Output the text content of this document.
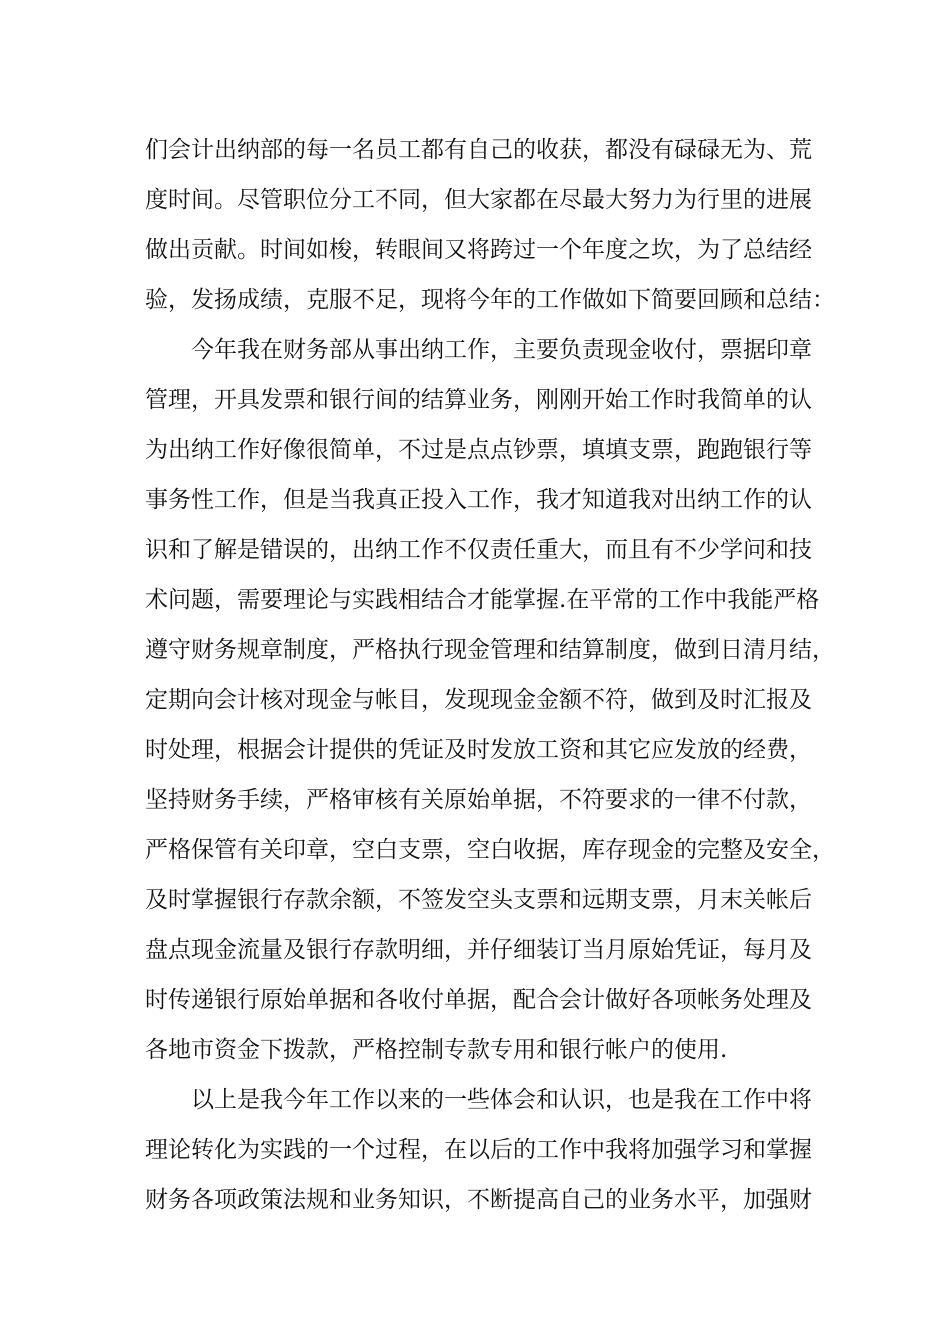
们会计出纳部的每一名员工都有自己的收获，都没有碌碌无为、荒
度时间。尽管职位分工不同，但大家都在尽最大努力为行里的进展
做出贡献。时间如梭，转眼间又将跨过一个年度之坎，为了总结经
验，发扬成绩，克服不足，现将今年的工作做如下简要回顾和总结：
今年我在财务部从事出纳工作，主要负责现金收付，票据印章
管理，开具发票和银行间的结算业务，刚刚开始工作时我简单的认
为出纳工作好像很简单，不过是点点钞票，填填支票，跑跑银行等
事务性工作，但是当我真正投入工作，我才知道我对出纳工作的认
识和了解是错误的，出纳工作不仅责任重大，而且有不少学问和技
术问题，需要理论与实践相结合才能掌握.在平常的工作中我能严格
遵守财务规章制度，严格执行现金管理和结算制度，做到日清月结，
定期向会计核对现金与帐目，发现现金金额不符，做到及时汇报及
时处理，根据会计提供的凭证及时发放工资和其它应发放的经费，
坚持财务手续，严格审核有关原始单据，不符要求的一律不付款，
严格保管有关印章，空白支票，空白收据，库存现金的完整及安全，
及时掌握银行存款余额，不签发空头支票和远期支票，月末关帐后
盘点现金流量及银行存款明细，并仔细装订当月原始凭证，每月及
时传递银行原始单据和各收付单据，配合会计做好各项帐务处理及
各地市资金下拨款，严格控制专款专用和银行帐户的使用.
以上是我今年工作以来的一些体会和认识，也是我在工作中将
理论转化为实践的一个过程，在以后的工作中我将加强学习和掌握
财务各项政策法规和业务知识，不断提高自己的业务水平，加强财
